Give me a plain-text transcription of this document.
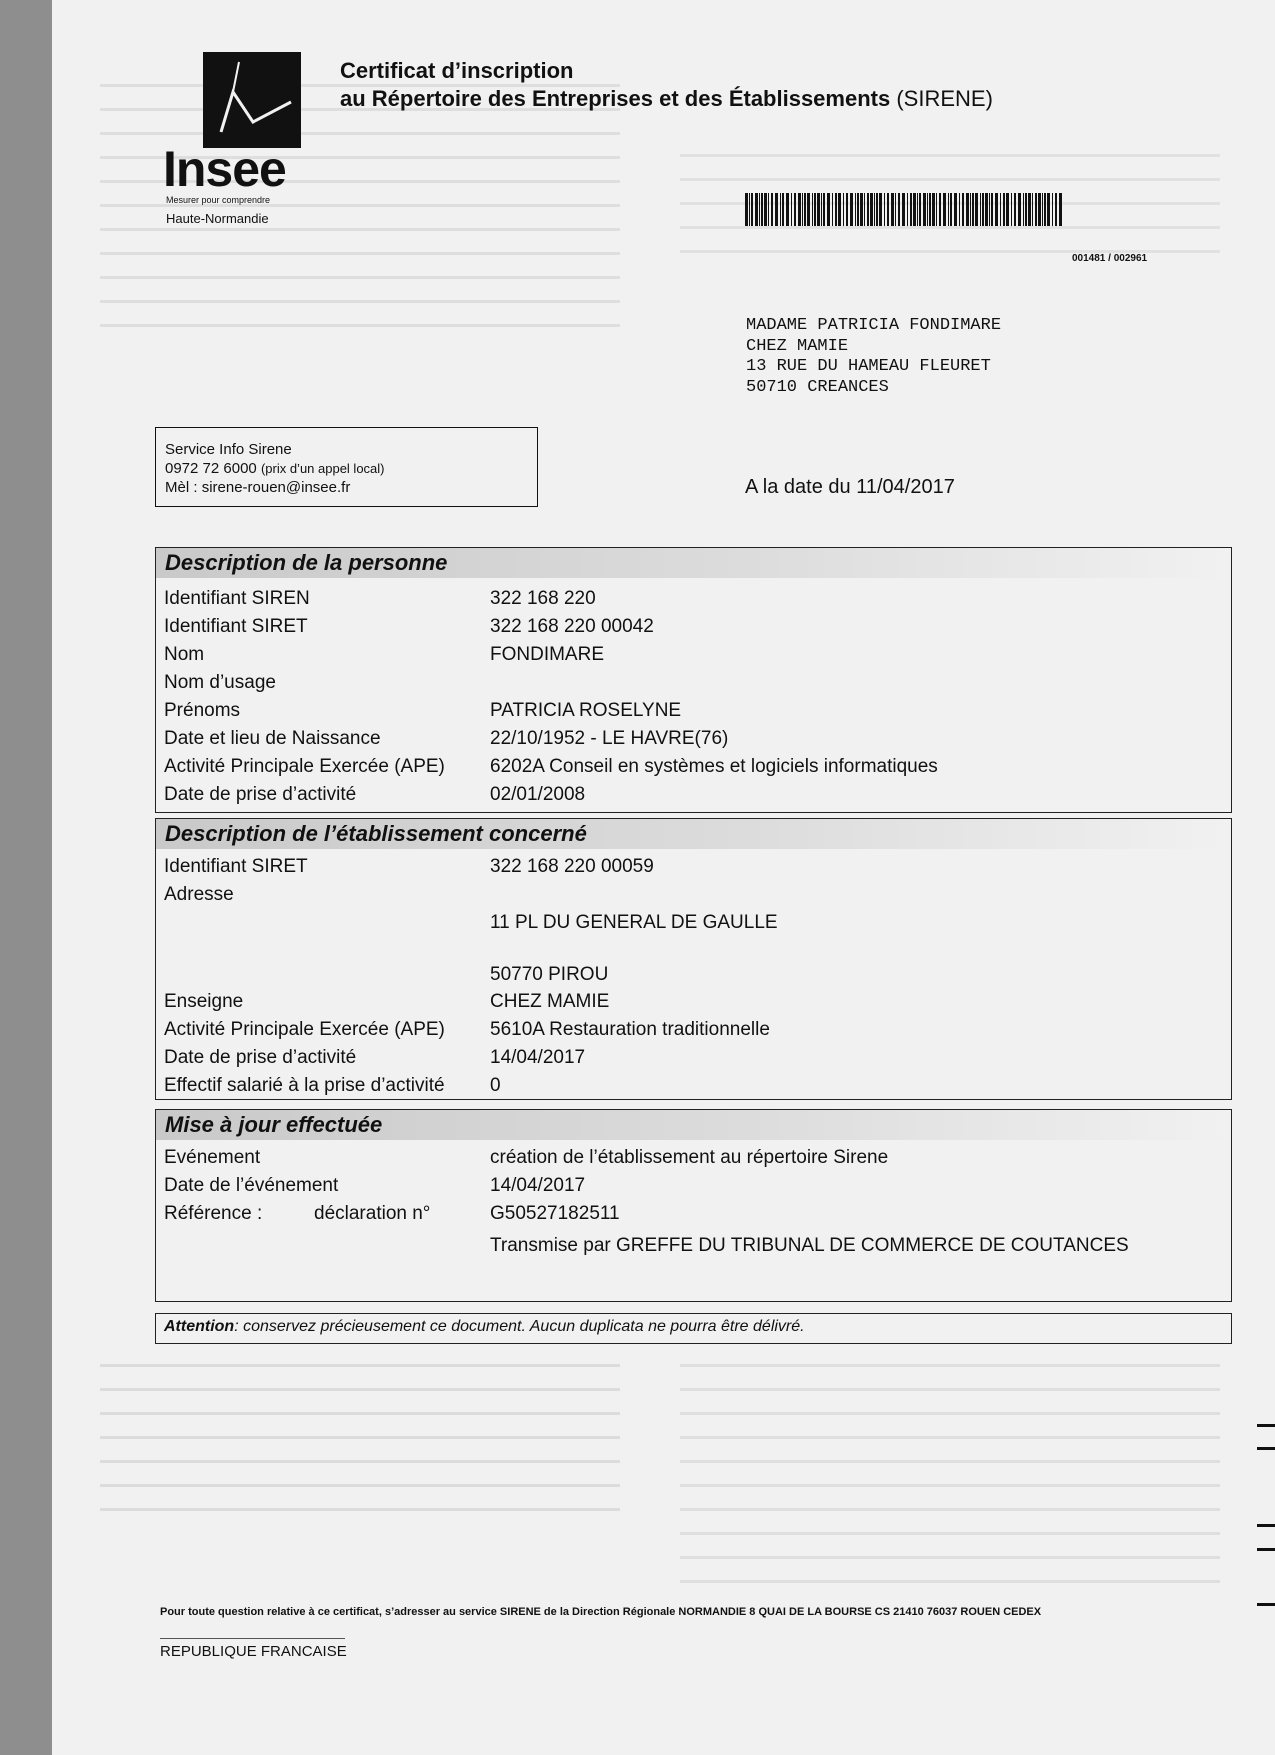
Insee
Mesurer pour comprendre
Haute-Normandie
Certificat d’inscription
au Répertoire des Entreprises et des Établissements (SIRENE)
001481 / 002961
MADAME PATRICIA FONDIMARE
CHEZ MAMIE
13 RUE DU HAMEAU FLEURET
50710 CREANCES
Service Info Sirene
0972 72 6000 (prix d’un appel local)
Mèl : sirene-rouen@insee.fr	A la date du 11/04/2017
Description de la personne
Identifiant SIREN	322 168 220
Identifiant SIRET	322 168 220 00042
Nom	FONDIMARE
Nom d’usage
Prénoms	PATRICIA ROSELYNE
Date et lieu de Naissance	22/10/1952 - LE HAVRE(76)
Activité Principale Exercée (APE) 6202A Conseil en systèmes et logiciels informatiques
Date de prise d’activité	02/01/2008
Description de l’établissement concerné
Identifiant SIRET	322 168 220 00059
Adresse
11 PL DU GENERAL DE GAULLE
50770 PIROU
Enseigne	CHEZ MAMIE
Activité Principale Exercée (APE) 5610A Restauration traditionnelle
Date de prise d’activité	14/04/2017
Effectif salarié à la prise d’activité 0
Mise à jour effectuée
Evénement	création de l’établissement au répertoire Sirene
Date de l’événement	14/04/2017
Référence :	déclaration n°	G50527182511
Transmise par GREFFE DU TRIBUNAL DE COMMERCE DE COUTANCES
Attention: conservez précieusement ce document. Aucun duplicata ne pourra être délivré.
Pour toute question relative à ce certificat, s’adresser au service SIRENE de la Direction Régionale NORMANDIE 8 QUAI DE LA BOURSE CS 21410 76037 ROUEN CEDEX
REPUBLIQUE FRANCAISE
